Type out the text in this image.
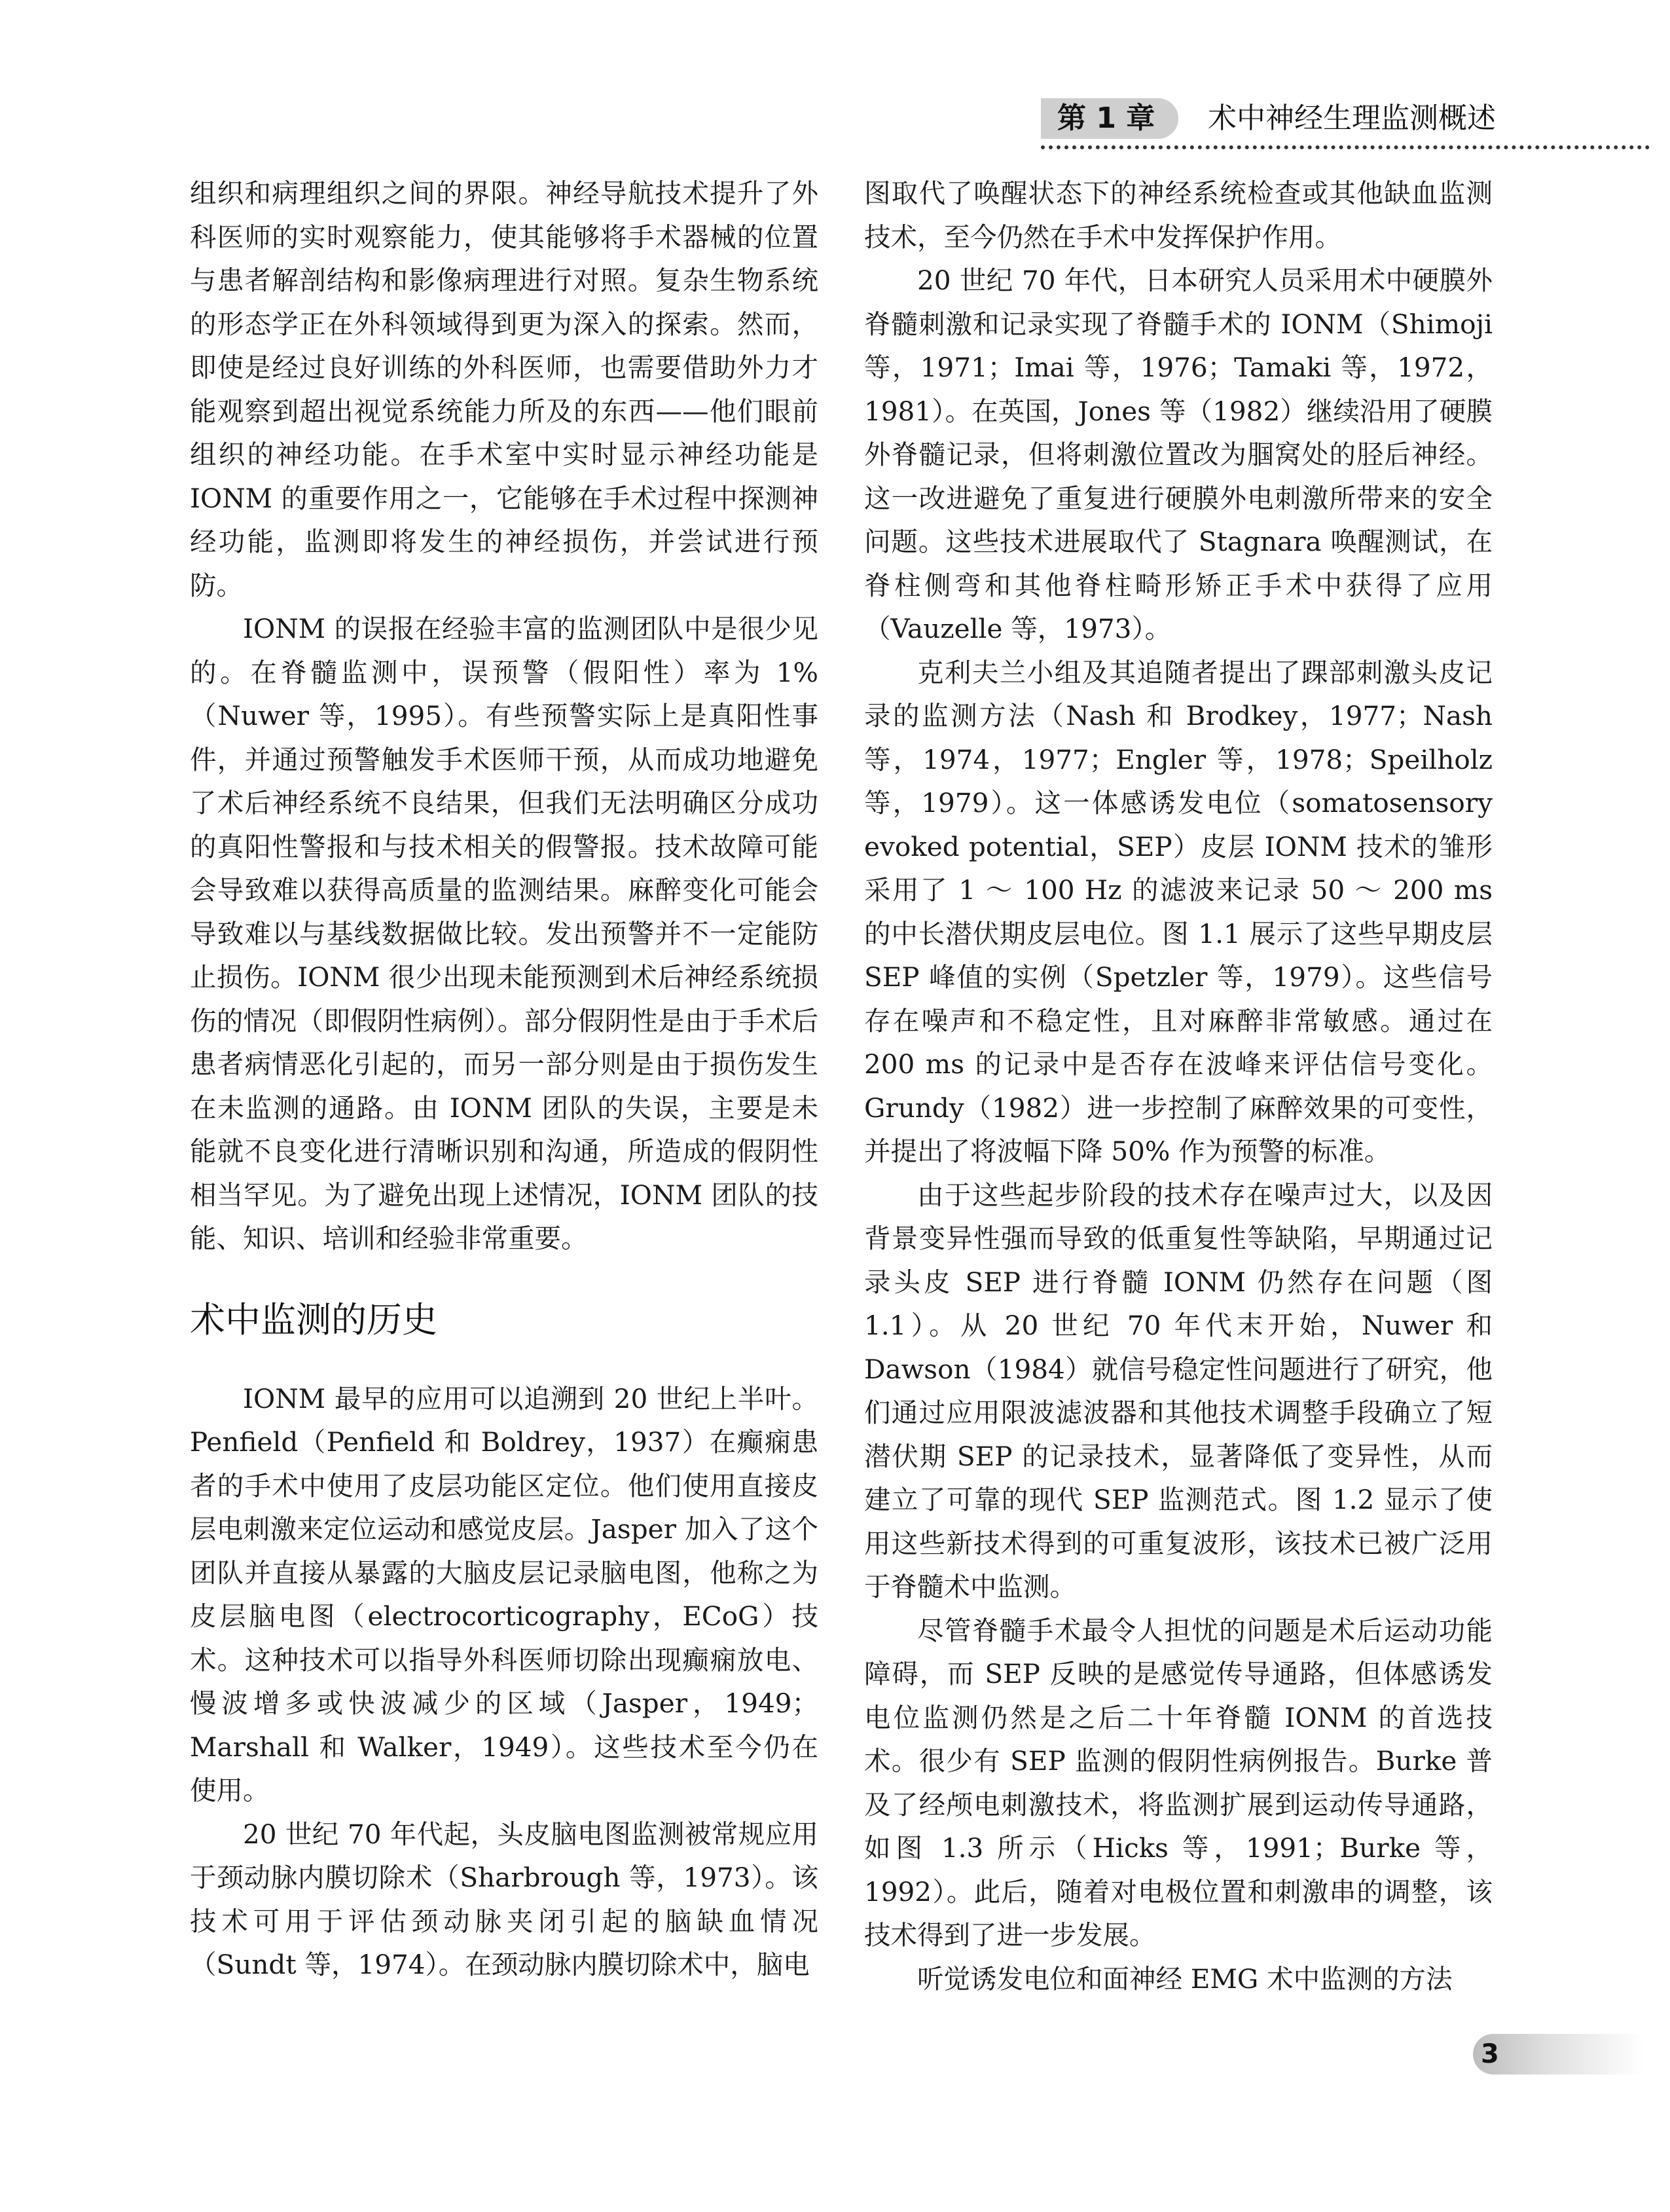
第 1 章 术中神经生理监测概述

组织和病理组织之间的界限。神经导航技术提升了外科医师的实时观察能力，使其能够将手术器械的位置与患者解剖结构和影像病理进行对照。复杂生物系统的形态学正在外科领域得到更为深入的探索。然而，即使是经过良好训练的外科医师，也需要借助外力才能观察到超出视觉系统能力所及的东西——他们眼前组织的神经功能。在手术室中实时显示神经功能是 IONM 的重要作用之一，它能够在手术过程中探测神经功能，监测即将发生的神经损伤，并尝试进行预防。

IONM 的误报在经验丰富的监测团队中是很少见的。在脊髓监测中，误预警（假阳性）率为 1%（Nuwer 等，1995）。有些预警实际上是真阳性事件，并通过预警触发手术医师干预，从而成功地避免了术后神经系统不良结果，但我们无法明确区分成功的真阳性警报和与技术相关的假警报。技术故障可能会导致难以获得高质量的监测结果。麻醉变化可能会导致难以与基线数据做比较。发出预警并不一定能防止损伤。IONM 很少出现未能预测到术后神经系统损伤的情况（即假阴性病例）。部分假阴性是由于手术后患者病情恶化引起的，而另一部分则是由于损伤发生在未监测的通路。由 IONM 团队的失误，主要是未能就不良变化进行清晰识别和沟通，所造成的假阴性相当罕见。为了避免出现上述情况，IONM 团队的技能、知识、培训和经验非常重要。

术中监测的历史

IONM 最早的应用可以追溯到 20 世纪上半叶。Penfield（Penfield 和 Boldrey，1937）在癫痫患者的手术中使用了皮层功能区定位。他们使用直接皮层电刺激来定位运动和感觉皮层。Jasper 加入了这个团队并直接从暴露的大脑皮层记录脑电图，他称之为皮层脑电图（electrocorticography，ECoG）技术。这种技术可以指导外科医师切除出现癫痫放电、慢波增多或快波减少的区域（Jasper，1949；Marshall 和 Walker，1949）。这些技术至今仍在使用。

20 世纪 70 年代起，头皮脑电图监测被常规应用于颈动脉内膜切除术（Sharbrough 等，1973）。该技术可用于评估颈动脉夹闭引起的脑缺血情况（Sundt 等，1974）。在颈动脉内膜切除术中，脑电

图取代了唤醒状态下的神经系统检查或其他缺血监测技术，至今仍然在手术中发挥保护作用。

20 世纪 70 年代，日本研究人员采用术中硬膜外脊髓刺激和记录实现了脊髓手术的 IONM（Shimoji 等，1971；Imai 等，1976；Tamaki 等，1972，1981）。在英国，Jones 等（1982）继续沿用了硬膜外脊髓记录，但将刺激位置改为腘窝处的胫后神经。这一改进避免了重复进行硬膜外电刺激所带来的安全问题。这些技术进展取代了 Stagnara 唤醒测试，在脊柱侧弯和其他脊柱畸形矫正手术中获得了应用（Vauzelle 等，1973）。

克利夫兰小组及其追随者提出了踝部刺激头皮记录的监测方法（Nash 和 Brodkey，1977；Nash 等，1974，1977；Engler 等，1978；Speilholz 等，1979）。这一体感诱发电位（somatosensory evoked potential，SEP）皮层 IONM 技术的雏形采用了 1 ～ 100 Hz 的滤波来记录 50 ～ 200 ms 的中长潜伏期皮层电位。图 1.1 展示了这些早期皮层 SEP 峰值的实例（Spetzler 等，1979）。这些信号存在噪声和不稳定性，且对麻醉非常敏感。通过在 200 ms 的记录中是否存在波峰来评估信号变化。Grundy（1982）进一步控制了麻醉效果的可变性，并提出了将波幅下降 50% 作为预警的标准。

由于这些起步阶段的技术存在噪声过大，以及因背景变异性强而导致的低重复性等缺陷，早期通过记录头皮 SEP 进行脊髓 IONM 仍然存在问题（图 1.1）。从 20 世纪 70 年代末开始，Nuwer 和 Dawson（1984）就信号稳定性问题进行了研究，他们通过应用限波滤波器和其他技术调整手段确立了短潜伏期 SEP 的记录技术，显著降低了变异性，从而建立了可靠的现代 SEP 监测范式。图 1.2 显示了使用这些新技术得到的可重复波形，该技术已被广泛用于脊髓术中监测。

尽管脊髓手术最令人担忧的问题是术后运动功能障碍，而 SEP 反映的是感觉传导通路，但体感诱发电位监测仍然是之后二十年脊髓 IONM 的首选技术。很少有 SEP 监测的假阴性病例报告。Burke 普及了经颅电刺激技术，将监测扩展到运动传导通路，如图 1.3 所示（Hicks 等，1991；Burke 等，1992）。此后，随着对电极位置和刺激串的调整，该技术得到了进一步发展。

听觉诱发电位和面神经 EMG 术中监测的方法

3
